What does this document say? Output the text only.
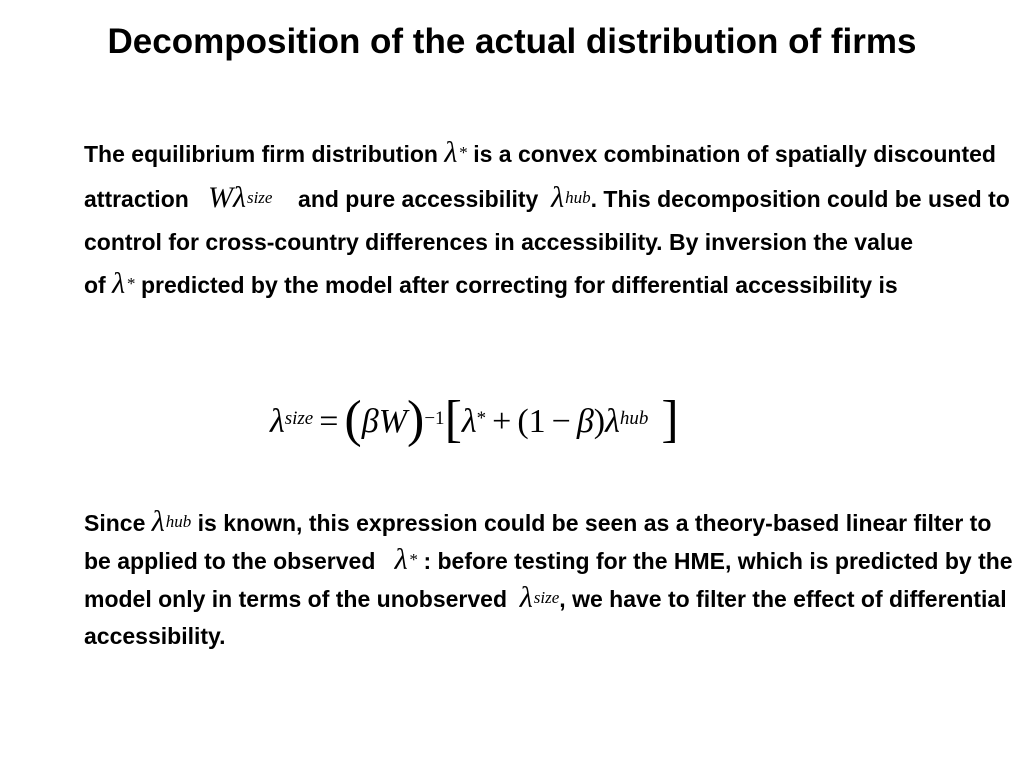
Decomposition of the actual distribution of firms

The equilibrium firm distribution λ* is a convex combination of spatially discounted attraction $W\lambda^{size}$ and pure accessibility $\lambda^{hub}$. This decomposition could be used to control for cross-country differences in accessibility. By inversion the value of λ* predicted by the model after correcting for differential accessibility is

$\lambda^{size} = (\beta W)^{-1}[\lambda^* + (1 - \beta)\lambda^{hub}$ ]

Since $\lambda^{hub}$ is known, this expression could be seen as a theory-based linear filter to be applied to the observed λ* : before testing for the HME, which is predicted by the model only in terms of the unobserved $\lambda^{size}$, we have to filter the effect of differential accessibility.
